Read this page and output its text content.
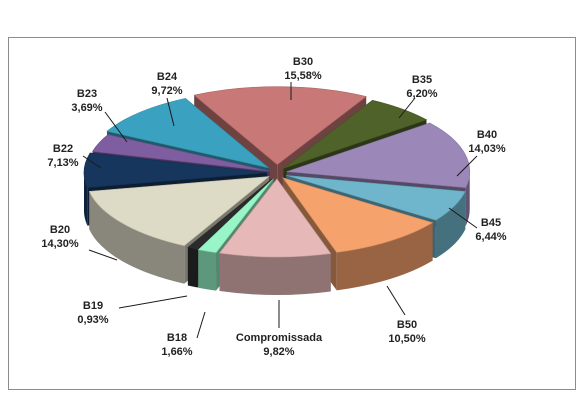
B30
15,58%	B35
6,20%
B40
14,03%
B45
6,44%
B50
10,50%
Compromissada
9,82%
B18
1,66%
B19
0,93%
B20
14,30%
B22
7,13%
B23
3,69%
B24
9,72%
